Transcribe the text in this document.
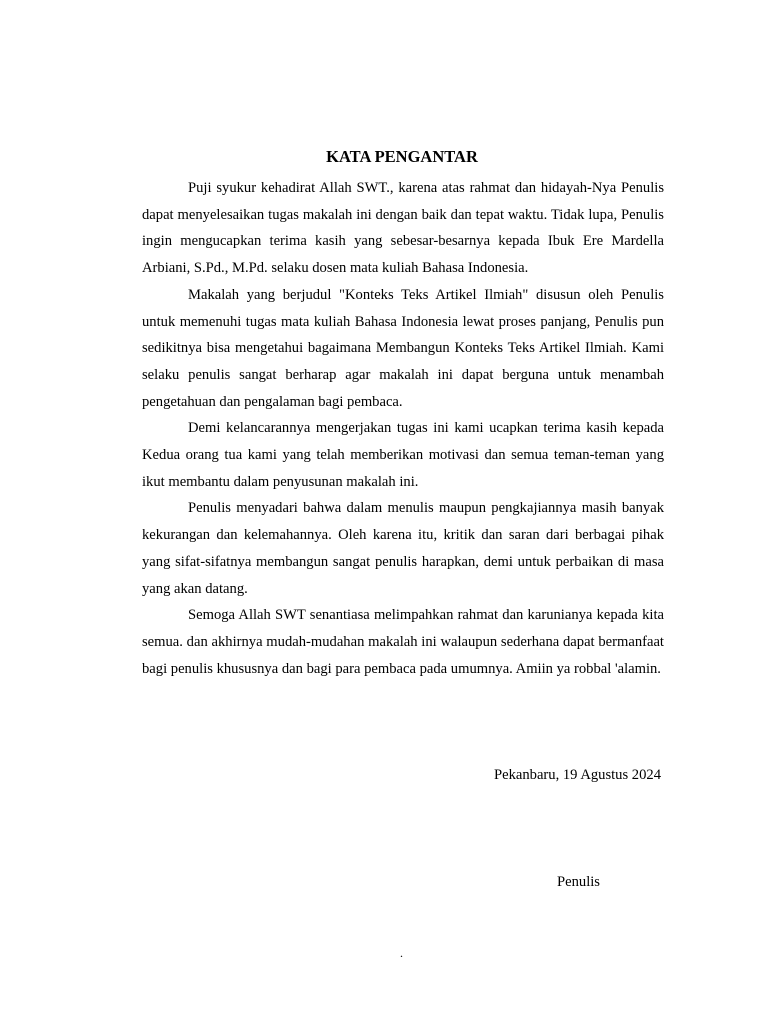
KATA PENGANTAR

Puji syukur kehadirat Allah SWT., karena atas rahmat dan hidayah-Nya Penulis dapat menyelesaikan tugas makalah ini dengan baik dan tepat waktu. Tidak lupa, Penulis ingin mengucapkan terima kasih yang sebesar-besarnya kepada Ibuk Ere Mardella Arbiani, S.Pd., M.Pd. selaku dosen mata kuliah Bahasa Indonesia.

Makalah yang berjudul "Konteks Teks Artikel Ilmiah" disusun oleh Penulis untuk memenuhi tugas mata kuliah Bahasa Indonesia lewat proses panjang, Penulis pun sedikitnya bisa mengetahui bagaimana Membangun Konteks Teks Artikel Ilmiah. Kami selaku penulis sangat berharap agar makalah ini dapat berguna untuk menambah pengetahuan dan pengalaman bagi pembaca.

Demi kelancarannya mengerjakan tugas ini kami ucapkan terima kasih kepada Kedua orang tua kami yang telah memberikan motivasi dan semua teman-teman yang ikut membantu dalam penyusunan makalah ini.

Penulis menyadari bahwa dalam menulis maupun pengkajiannya masih banyak kekurangan dan kelemahannya. Oleh karena itu, kritik dan saran dari berbagai pihak yang sifat-sifatnya membangun sangat penulis harapkan, demi untuk perbaikan di masa yang akan datang.

Semoga Allah SWT senantiasa melimpahkan rahmat dan karunianya kepada kita semua. dan akhirnya mudah-mudahan makalah ini walaupun sederhana dapat bermanfaat bagi penulis khususnya dan bagi para pembaca pada umumnya. Amiin ya robbal 'alamin.

Pekanbaru, 19 Agustus 2024
Penulis
.
